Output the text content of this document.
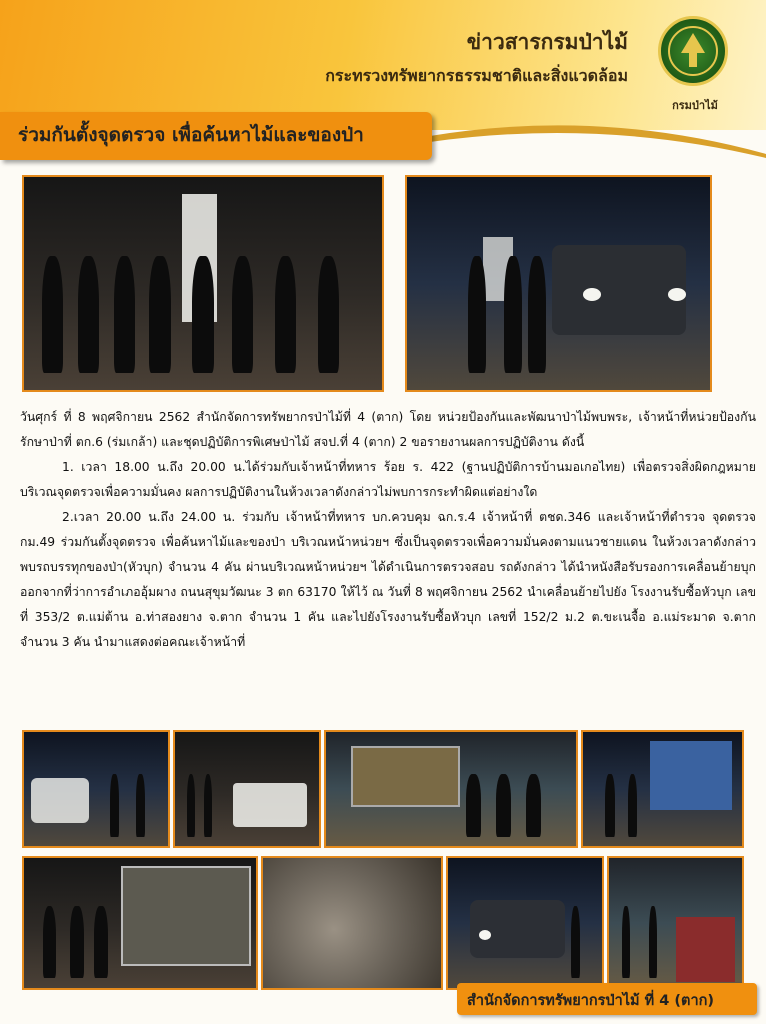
ข่าวสารกรมป่าไม้
กระทรวงทรัพยากรธรรมชาติและสิ่งแวดล้อม
กรมป่าไม้
ร่วมกันตั้งจุดตรวจ เพื่อค้นหาไม้และของป่า

วันศุกร์ ที่ 8 พฤศจิกายน 2562 สำนักจัดการทรัพยากรป่าไม้ที่ 4 (ตาก) โดย หน่วยป้องกันและพัฒนาป่าไม้พบพระ, เจ้าหน้าที่หน่วยป้องกันรักษาป่าที่ ตก.6 (ร่มเกล้า) และชุดปฏิบัติการพิเศษป่าไม้ สจป.ที่ 4 (ตาก) 2 ขอรายงานผลการปฏิบัติงาน ดังนี้

1. เวลา 18.00 น.ถึง 20.00 น.ได้ร่วมกับเจ้าหน้าที่ทหาร ร้อย ร. 422 (ฐานปฏิบัติการบ้านมอเกอไทย) เพื่อตรวจสิ่งผิดกฎหมาย บริเวณจุดตรวจเพื่อความมั่นคง ผลการปฏิบัติงานในห้วงเวลาดังกล่าวไม่พบการกระทำผิดแต่อย่างใด

2.เวลา 20.00 น.ถึง 24.00 น. ร่วมกับ เจ้าหน้าที่ทหาร บก.ควบคุม ฉก.ร.4 เจ้าหน้าที่ ตชด.346 และเจ้าหน้าที่ตำรวจ จุดตรวจ กม.49 ร่วมกันตั้งจุดตรวจ เพื่อค้นหาไม้และของป่า บริเวณหน้าหน่วยฯ ซึ่งเป็นจุดตรวจเพื่อความมั่นคงตามแนวชายแดน ในห้วงเวลาดังกล่าว พบรถบรรทุกของป่า(หัวบุก) จำนวน 4 คัน ผ่านบริเวณหน้าหน่วยฯ ได้ดำเนินการตรวจสอบ รถดังกล่าว ได้นำหนังสือรับรองการเคลื่อนย้ายบุก ออกจากที่ว่าการอำเภออุ้มผาง ถนนสุขุมวัฒนะ 3 ตก 63170 ให้ไว้ ณ วันที่ 8 พฤศจิกายน 2562 นำเคลื่อนย้ายไปยัง โรงงานรับซื้อหัวบุก เลขที่ 353/2 ต.แม่ต้าน อ.ท่าสองยาง จ.ตาก จำนวน 1 คัน และไปยังโรงงานรับซื้อหัวบุก เลขที่ 152/2 ม.2 ต.ขะเนจื้อ อ.แม่ระมาด จ.ตาก จำนวน 3 คัน นำมาแสดงต่อคณะเจ้าหน้าที่

สำนักจัดการทรัพยากรป่าไม้ ที่ 4 (ตาก)
